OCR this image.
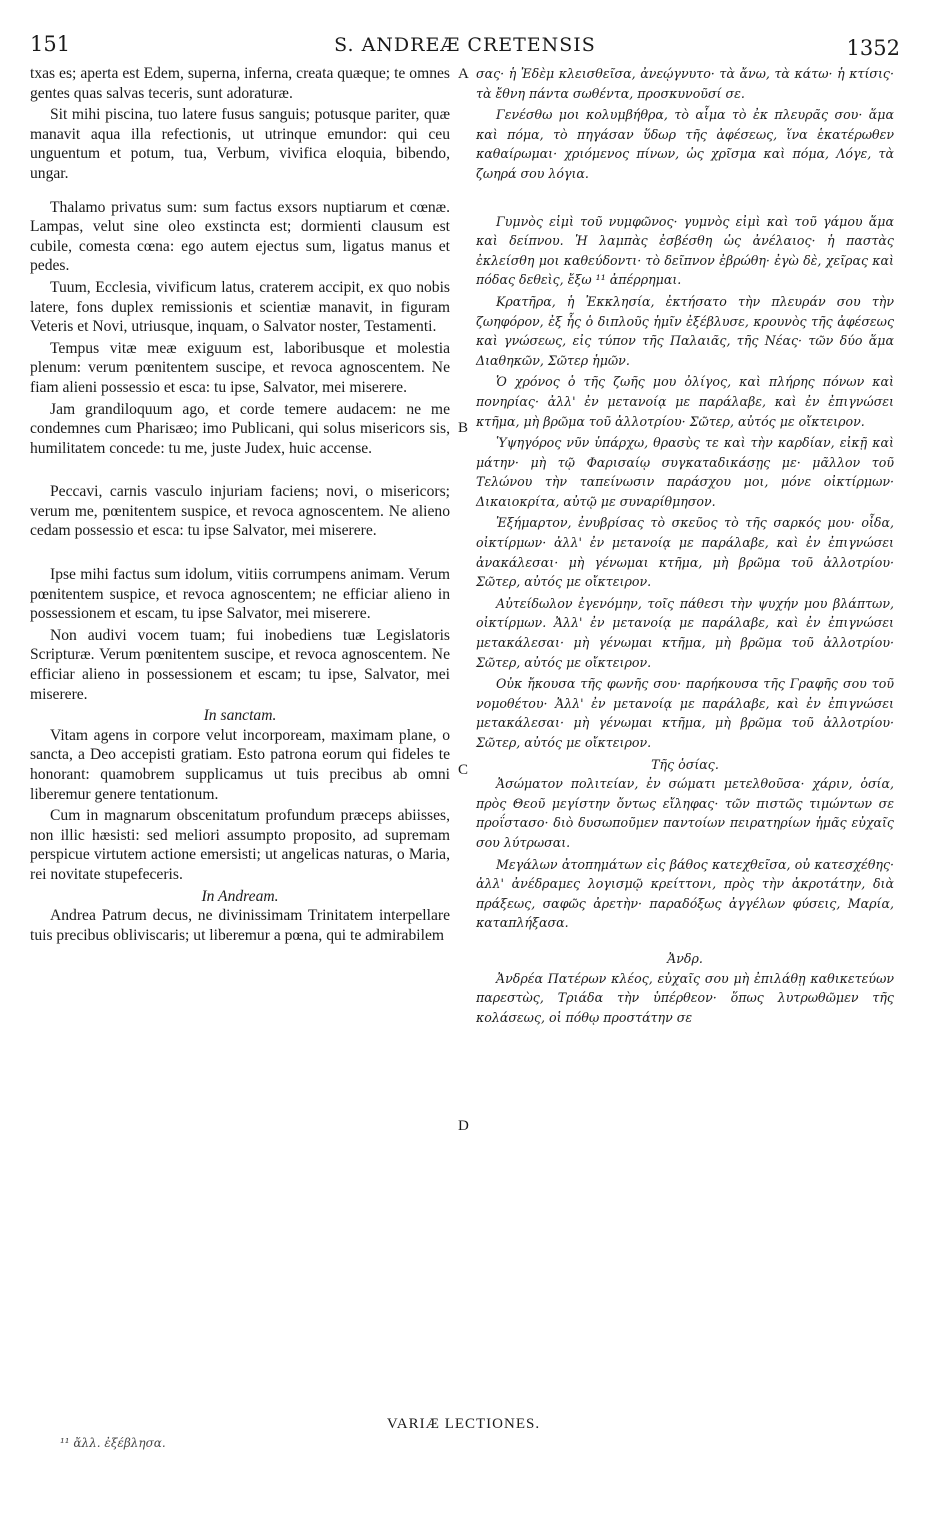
151	S. ANDREÆ CRETENSIS	1352

txas es; aperta est Edem, superna, inferna, creata quæque; te omnes gentes quas salvas teceris, sunt adoraturæ.

Sit mihi piscina, tuo latere fusus sanguis; potusque pariter, quæ manavit aqua illa refectionis, ut utrinque emundor: qui ceu unguentum et potum, tua, Verbum, vivifica eloquia, bibendo, ungar.

Thalamo privatus sum: sum factus exsors nuptiarum et cœnæ. Lampas, velut sine oleo exstincta est; dormienti clausum est cubile, comesta cœna: ego autem ejectus sum, ligatus manus et pedes.

Tuum, Ecclesia, vivificum latus, craterem accipit, ex quo nobis latere, fons duplex remissionis et scientiæ manavit, in figuram Veteris et Novi, utriusque, inquam, o Salvator noster, Testamenti.

Tempus vitæ meæ exiguum est, laboribusque et molestia plenum: verum pœnitentem suscipe, et revoca agnoscentem. Ne fiam alieni possessio et esca: tu ipse, Salvator, mei miserere.

Jam grandiloquum ago, et corde temere audacem: ne me condemnes cum Pharisæo; imo Publicani, qui solus misericors sis, humilitatem concede: tu me, juste Judex, huic accense.

Peccavi, carnis vasculo injuriam faciens; novi, o misericors; verum me, pœnitentem suspice, et revoca agnoscentem. Ne alieno cedam possessio et esca: tu ipse Salvator, mei miserere.

Ipse mihi factus sum idolum, vitiis corrumpens animam. Verum pœnitentem suspice, et revoca agnoscentem; ne efficiar alieno in possessionem et escam, tu ipse Salvator, mei miserere.

Non audivi vocem tuam; fui inobediens tuæ Legislatoris Scripturæ. Verum pœnitentem suscipe, et revoca agnoscentem. Ne efficiar alieno in possessionem et escam; tu ipse, Salvator, mei miserere.

In sanctam.

Vitam agens in corpore velut incorpoream, maximam plane, o sancta, a Deo accepisti gratiam. Esto patrona eorum qui fideles te honorant: quamobrem supplicamus ut tuis precibus ab omni liberemur genere tentationum.

Cum in magnarum obscenitatum profundum præceps abiisses, non illic hæsisti: sed meliori assumpto proposito, ad supremam perspicue virtutem actione emersisti; ut angelicas naturas, o Maria, rei novitate stupefeceris.

In Andream.

Andrea Patrum decus, ne divinissimam Trinitatem interpellare tuis precibus obliviscaris; ut liberemur a pœna, qui te admirabilem

A
B
C
D

σας· ἡ Ἐδὲμ κλεισθεῖσα, ἀνεῴγνυτο· τὰ ἄνω, τὰ κάτω· ἡ κτίσις· τὰ ἔθνη πάντα σωθέντα, προσκυνοῦσί σε.

Γενέσθω μοι κολυμβήθρα, τὸ αἷμα τὸ ἐκ πλευρᾶς σου· ἅμα καὶ πόμα, τὸ πηγάσαν ὕδωρ τῆς ἀφέσεως, ἵνα ἑκατέρωθεν καθαίρωμαι· χριόμενος πίνων, ὡς χρῖσμα καὶ πόμα, Λόγε, τὰ ζωηρά σου λόγια.

Γυμνὸς εἰμὶ τοῦ νυμφῶνος· γυμνὸς εἰμὶ καὶ τοῦ γάμου ἅμα καὶ δείπνου. Ἡ λαμπὰς ἐσβέσθη ὡς ἀνέλαιος· ἡ παστὰς ἐκλείσθη μοι καθεύδοντι· τὸ δεῖπνον ἐβρώθη· ἐγὼ δὲ, χεῖρας καὶ πόδας δεθεὶς, ἔξω ¹¹ ἀπέρρημαι.

Κρατῆρα, ἡ Ἐκκλησία, ἐκτήσατο τὴν πλευράν σου τὴν ζωηφόρον, ἐξ ἧς ὁ διπλοῦς ἡμῖν ἐξέβλυσε, κρουνὸς τῆς ἀφέσεως καὶ γνώσεως, εἰς τύπον τῆς Παλαιᾶς, τῆς Νέας· τῶν δύο ἅμα Διαθηκῶν, Σῶτερ ἡμῶν.

Ὁ χρόνος ὁ τῆς ζωῆς μου ὀλίγος, καὶ πλήρης πόνων καὶ πονηρίας· ἀλλ' ἐν μετανοίᾳ με παράλαβε, καὶ ἐν ἐπιγνώσει κτῆμα, μὴ βρῶμα τοῦ ἀλλοτρίου· Σῶτερ, αὐτός με οἴκτειρον.

Ὑψηγόρος νῦν ὑπάρχω, θρασὺς τε καὶ τὴν καρδίαν, εἰκῇ καὶ μάτην· μὴ τῷ Φαρισαίῳ συγκαταδικάσῃς με· μᾶλλον τοῦ Τελώνου τὴν ταπείνωσιν παράσχου μοι, μόνε οἰκτίρμων· Δικαιοκρίτα, αὐτῷ με συναρίθμησον.

Ἐξήμαρτον, ἐνυβρίσας τὸ σκεῦος τὸ τῆς σαρκός μου· οἶδα, οἰκτίρμων· ἀλλ' ἐν μετανοίᾳ με παράλαβε, καὶ ἐν ἐπιγνώσει ἀνακάλεσαι· μὴ γένωμαι κτῆμα, μὴ βρῶμα τοῦ ἀλλοτρίου· Σῶτερ, αὐτός με οἴκτειρον.

Αὐτείδωλον ἐγενόμην, τοῖς πάθεσι τὴν ψυχήν μου βλάπτων, οἰκτίρμων. Ἀλλ' ἐν μετανοίᾳ με παράλαβε, καὶ ἐν ἐπιγνώσει μετακάλεσαι· μὴ γένωμαι κτῆμα, μὴ βρῶμα τοῦ ἀλλοτρίου· Σῶτερ, αὐτός με οἴκτειρον.

Οὐκ ἤκουσα τῆς φωνῆς σου· παρήκουσα τῆς Γραφῆς σου τοῦ νομοθέτου· Ἀλλ' ἐν μετανοίᾳ με παράλαβε, καὶ ἐν ἐπιγνώσει μετακάλεσαι· μὴ γένωμαι κτῆμα, μὴ βρῶμα τοῦ ἀλλοτρίου· Σῶτερ, αὐτός με οἴκτειρον.

Τῆς ὁσίας.

Ἀσώματον πολιτείαν, ἐν σώματι μετελθοῦσα· χάριν, ὁσία, πρὸς Θεοῦ μεγίστην ὄντως εἴληφας· τῶν πιστῶς τιμώντων σε προΐστασο· διὸ δυσωποῦμεν παντοίων πειρατηρίων ἡμᾶς εὐχαῖς σου λύτρωσαι.

Μεγάλων ἀτοπημάτων εἰς βάθος κατεχθεῖσα, οὐ κατεσχέθης· ἀλλ' ἀνέδραμες λογισμῷ κρείττονι, πρὸς τὴν ἀκροτάτην, διὰ πράξεως, σαφῶς ἀρετὴν· παραδόξως ἀγγέλων φύσεις, Μαρία, καταπλήξασα.

Ἀνδρ.

Ἀνδρέα Πατέρων κλέος, εὐχαῖς σου μὴ ἐπιλάθῃ καθικετεύων παρεστὼς, Τριάδα τὴν ὑπέρθεον· ὅπως λυτρωθῶμεν τῆς κολάσεως, οἱ πόθῳ προστάτην σε

VARIÆ LECTIONES.
¹¹ ἄλλ. ἐξέβλησα.
